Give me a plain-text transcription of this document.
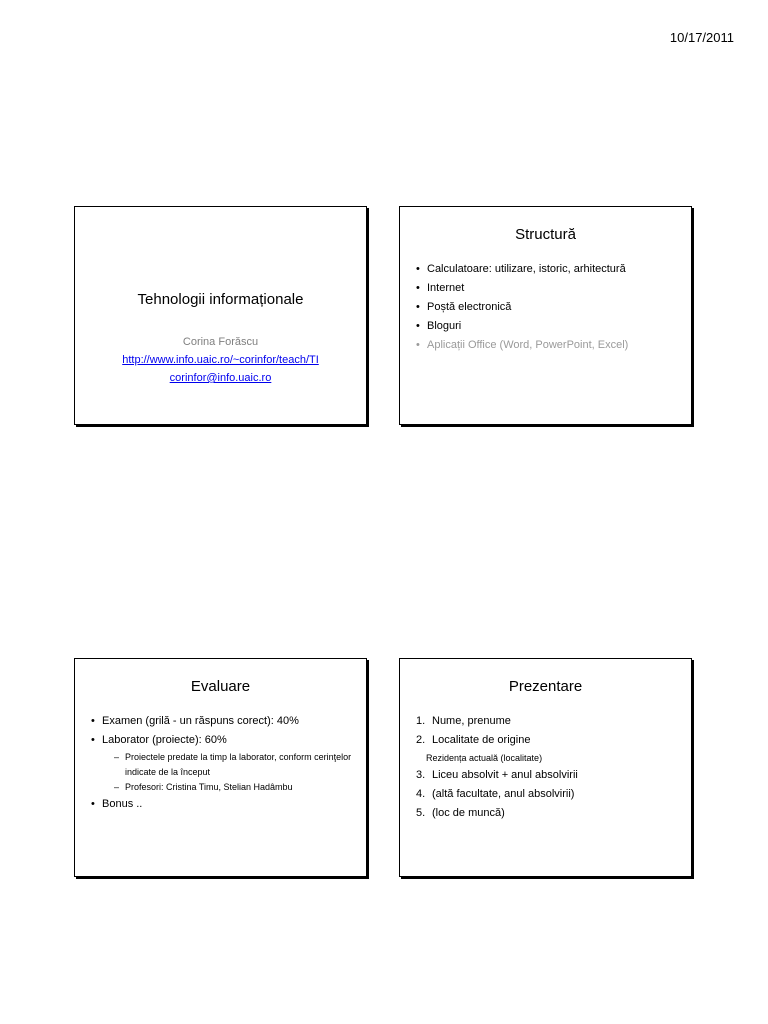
10/17/2011
Tehnologii informaționale
Corina Forăscu
http://www.info.uaic.ro/~corinfor/teach/TI
corinfor@info.uaic.ro
Structură
• Calculatoare: utilizare, istoric, arhitectură
• Internet
• Poștă electronică
• Bloguri
• Aplicații Office (Word, PowerPoint, Excel)
Evaluare
• Examen (grilă - un răspuns corect): 40%
• Laborator (proiecte): 60%
– Proiectele predate la timp la laborator, conform cerinţelor indicate de la început
– Profesori: Cristina Timu, Stelian Hadâmbu
• Bonus ..
Prezentare
1. Nume, prenume
2. Localitate de origine
Rezidența actuală (localitate)
3. Liceu absolvit + anul absolvirii
4. (altă facultate, anul absolvirii)
5. (loc de muncă)
